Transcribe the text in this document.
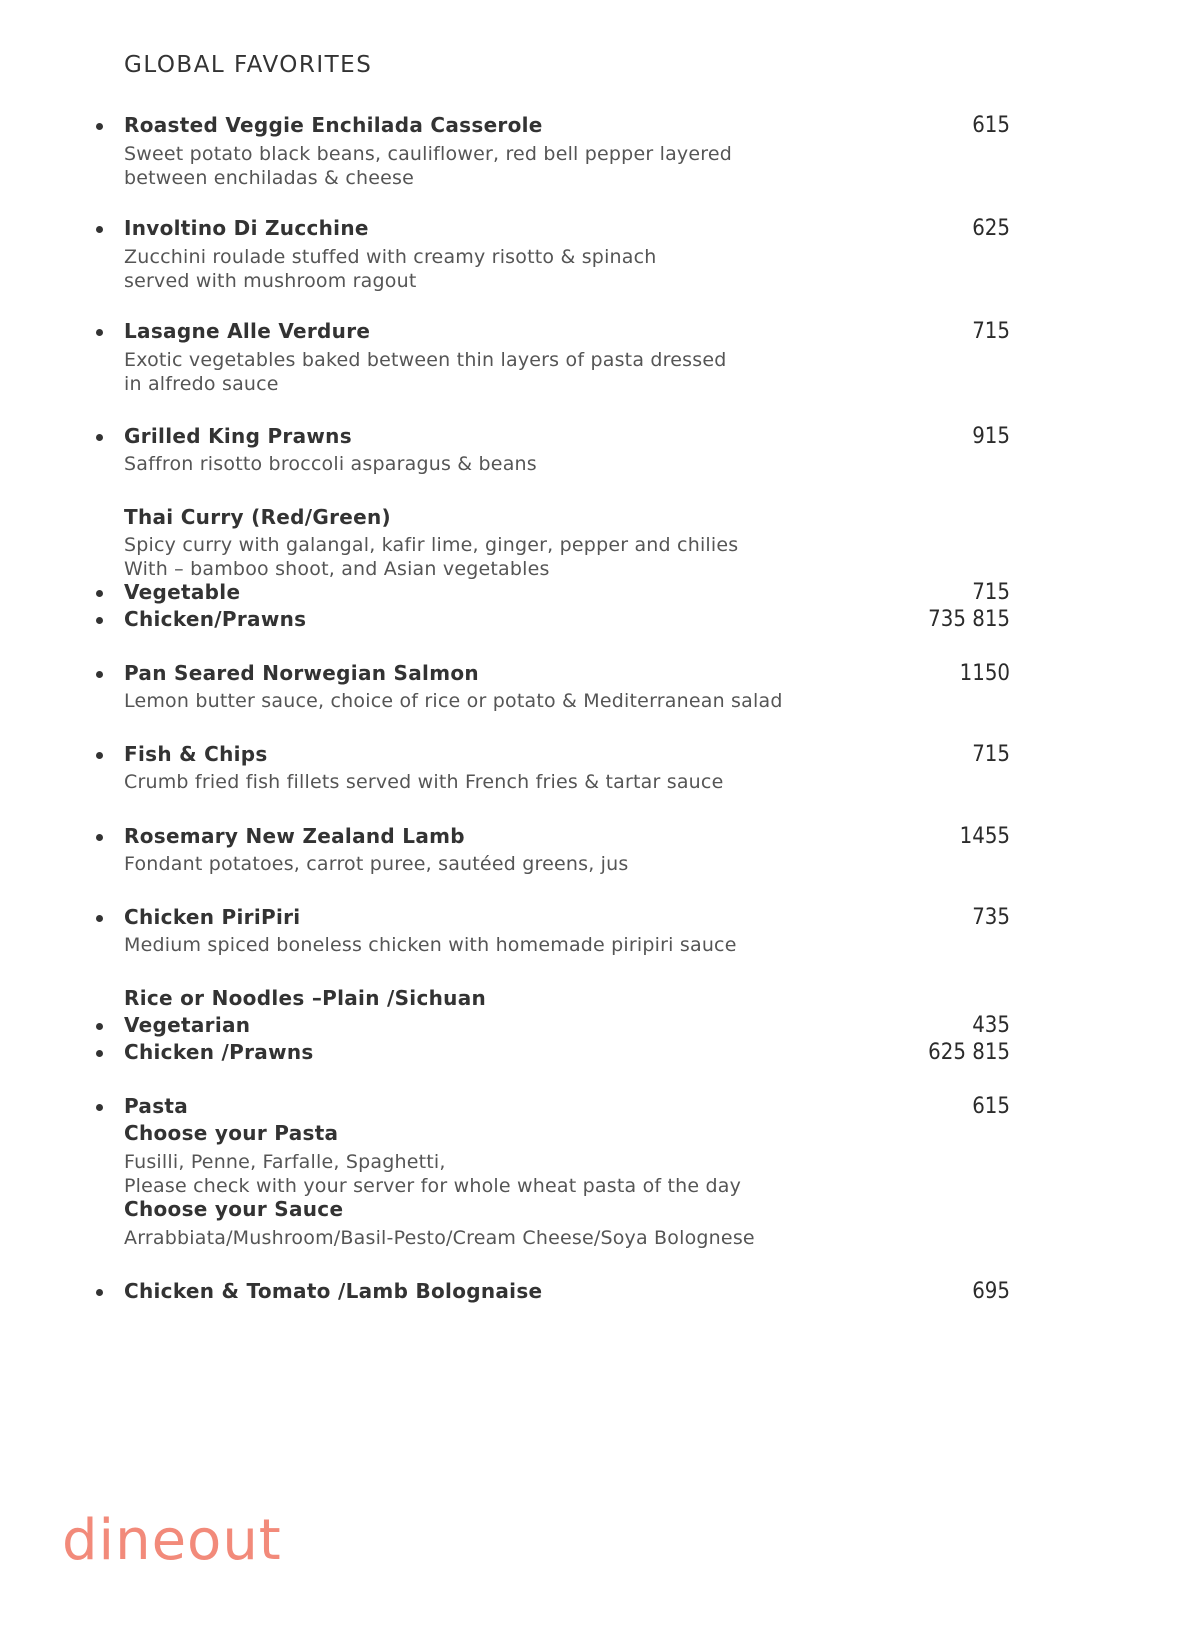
GLOBAL FAVORITES
Roasted Veggie Enchilada Casserole	615
Sweet potato black beans, cauliflower, red bell pepper layered
between enchiladas & cheese
Involtino Di Zucchine	625
Zucchini roulade stuffed with creamy risotto & spinach
served with mushroom ragout
Lasagne Alle Verdure	715
Exotic vegetables baked between thin layers of pasta dressed
in alfredo sauce
Grilled King Prawns	915
Saffron risotto broccoli asparagus & beans
Thai Curry (Red/Green)
Spicy curry with galangal, kafir lime, ginger, pepper and chilies
With – bamboo shoot, and Asian vegetables
Vegetable	715
Chicken/Prawns	735 815
Pan Seared Norwegian Salmon	1150
Lemon butter sauce, choice of rice or potato & Mediterranean salad
Fish & Chips	715
Crumb fried fish fillets served with French fries & tartar sauce
Rosemary New Zealand Lamb	1455
Fondant potatoes, carrot puree, sautéed greens, jus
Chicken PiriPiri	735
Medium spiced boneless chicken with homemade piripiri sauce
Rice or Noodles –Plain /Sichuan
Vegetarian	435
Chicken /Prawns	625 815
Pasta	615
Choose your Pasta
Fusilli, Penne, Farfalle, Spaghetti,
Please check with your server for whole wheat pasta of the day
Choose your Sauce
Arrabbiata/Mushroom/Basil-Pesto/Cream Cheese/Soya Bolognese
Chicken & Tomato /Lamb Bolognaise	695
dineout
